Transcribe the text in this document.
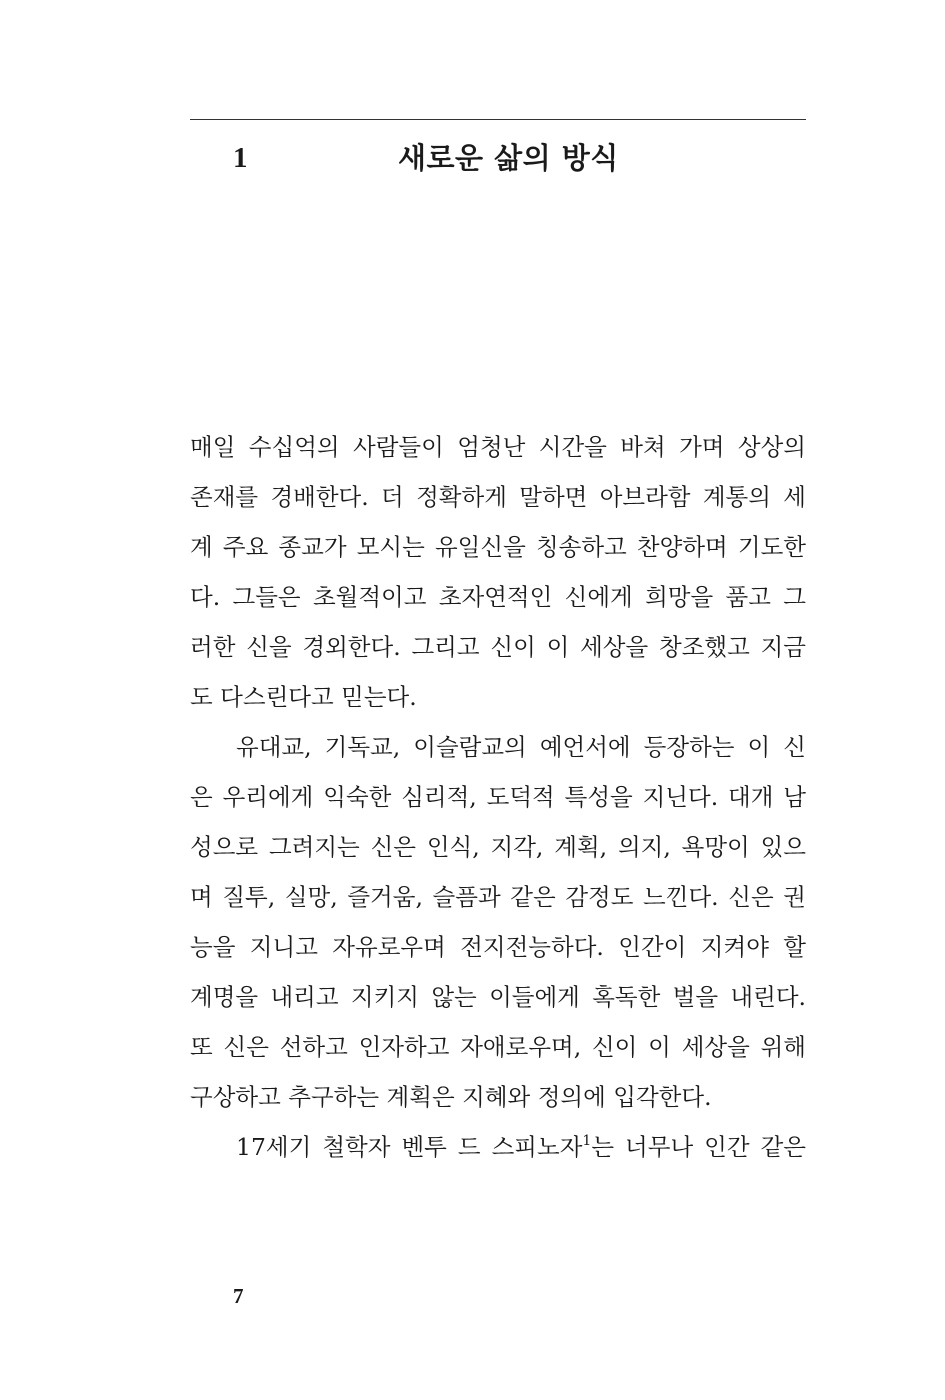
1	새로운 삶의 방식
매일 수십억의 사람들이 엄청난 시간을 바쳐 가며 상상의
존재를 경배한다. 더 정확하게 말하면 아브라함 계통의 세
계 주요 종교가 모시는 유일신을 칭송하고 찬양하며 기도한
다. 그들은 초월적이고 초자연적인 신에게 희망을 품고 그
러한 신을 경외한다. 그리고 신이 이 세상을 창조했고 지금
도 다스린다고 믿는다.
유대교, 기독교, 이슬람교의 예언서에 등장하는 이 신
은 우리에게 익숙한 심리적, 도덕적 특성을 지닌다. 대개 남
성으로 그려지는 신은 인식, 지각, 계획, 의지, 욕망이 있으
며 질투, 실망, 즐거움, 슬픔과 같은 감정도 느낀다. 신은 권
능을 지니고 자유로우며 전지전능하다. 인간이 지켜야 할
계명을 내리고 지키지 않는 이들에게 혹독한 벌을 내린다.
또 신은 선하고 인자하고 자애로우며, 신이 이 세상을 위해
구상하고 추구하는 계획은 지혜와 정의에 입각한다.
17세기 철학자 벤투 드 스피노자$^1$는 너무나 인간 같은
7
